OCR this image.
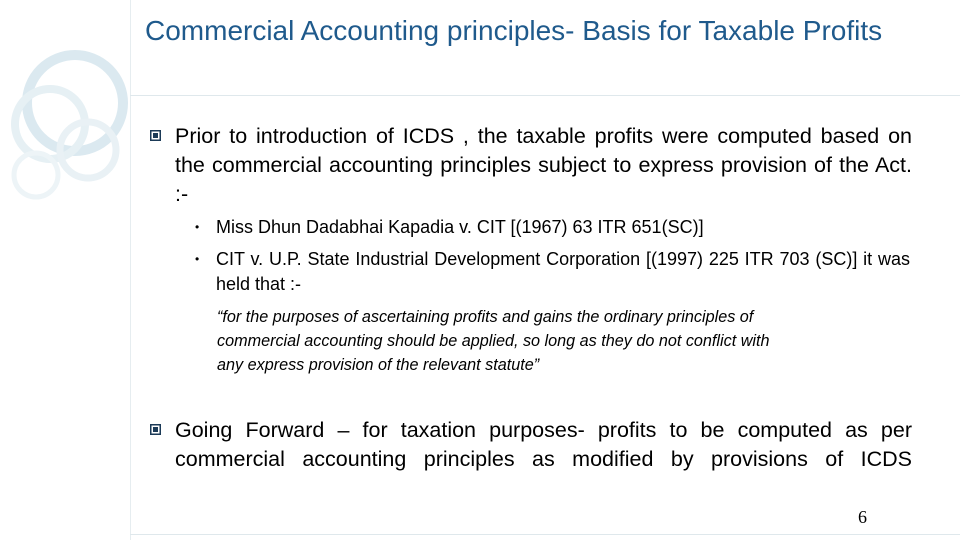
Commercial Accounting principles- Basis for Taxable Profits
Prior to introduction of ICDS , the taxable profits were computed based on the commercial accounting principles subject to express provision of the Act. :-
• Miss Dhun Dadabhai Kapadia v. CIT [(1967) 63 ITR 651(SC)]
• CIT v. U.P. State Industrial Development Corporation [(1997) 225 ITR 703 (SC)] it was held that :-
“for the purposes of ascertaining profits and gains the ordinary principles of
commercial accounting should be applied, so long as they do not conflict with
any express provision of the relevant statute”
Going Forward – for taxation purposes- profits to be computed as per commercial accounting principles as modified by provisions of ICDS
6
